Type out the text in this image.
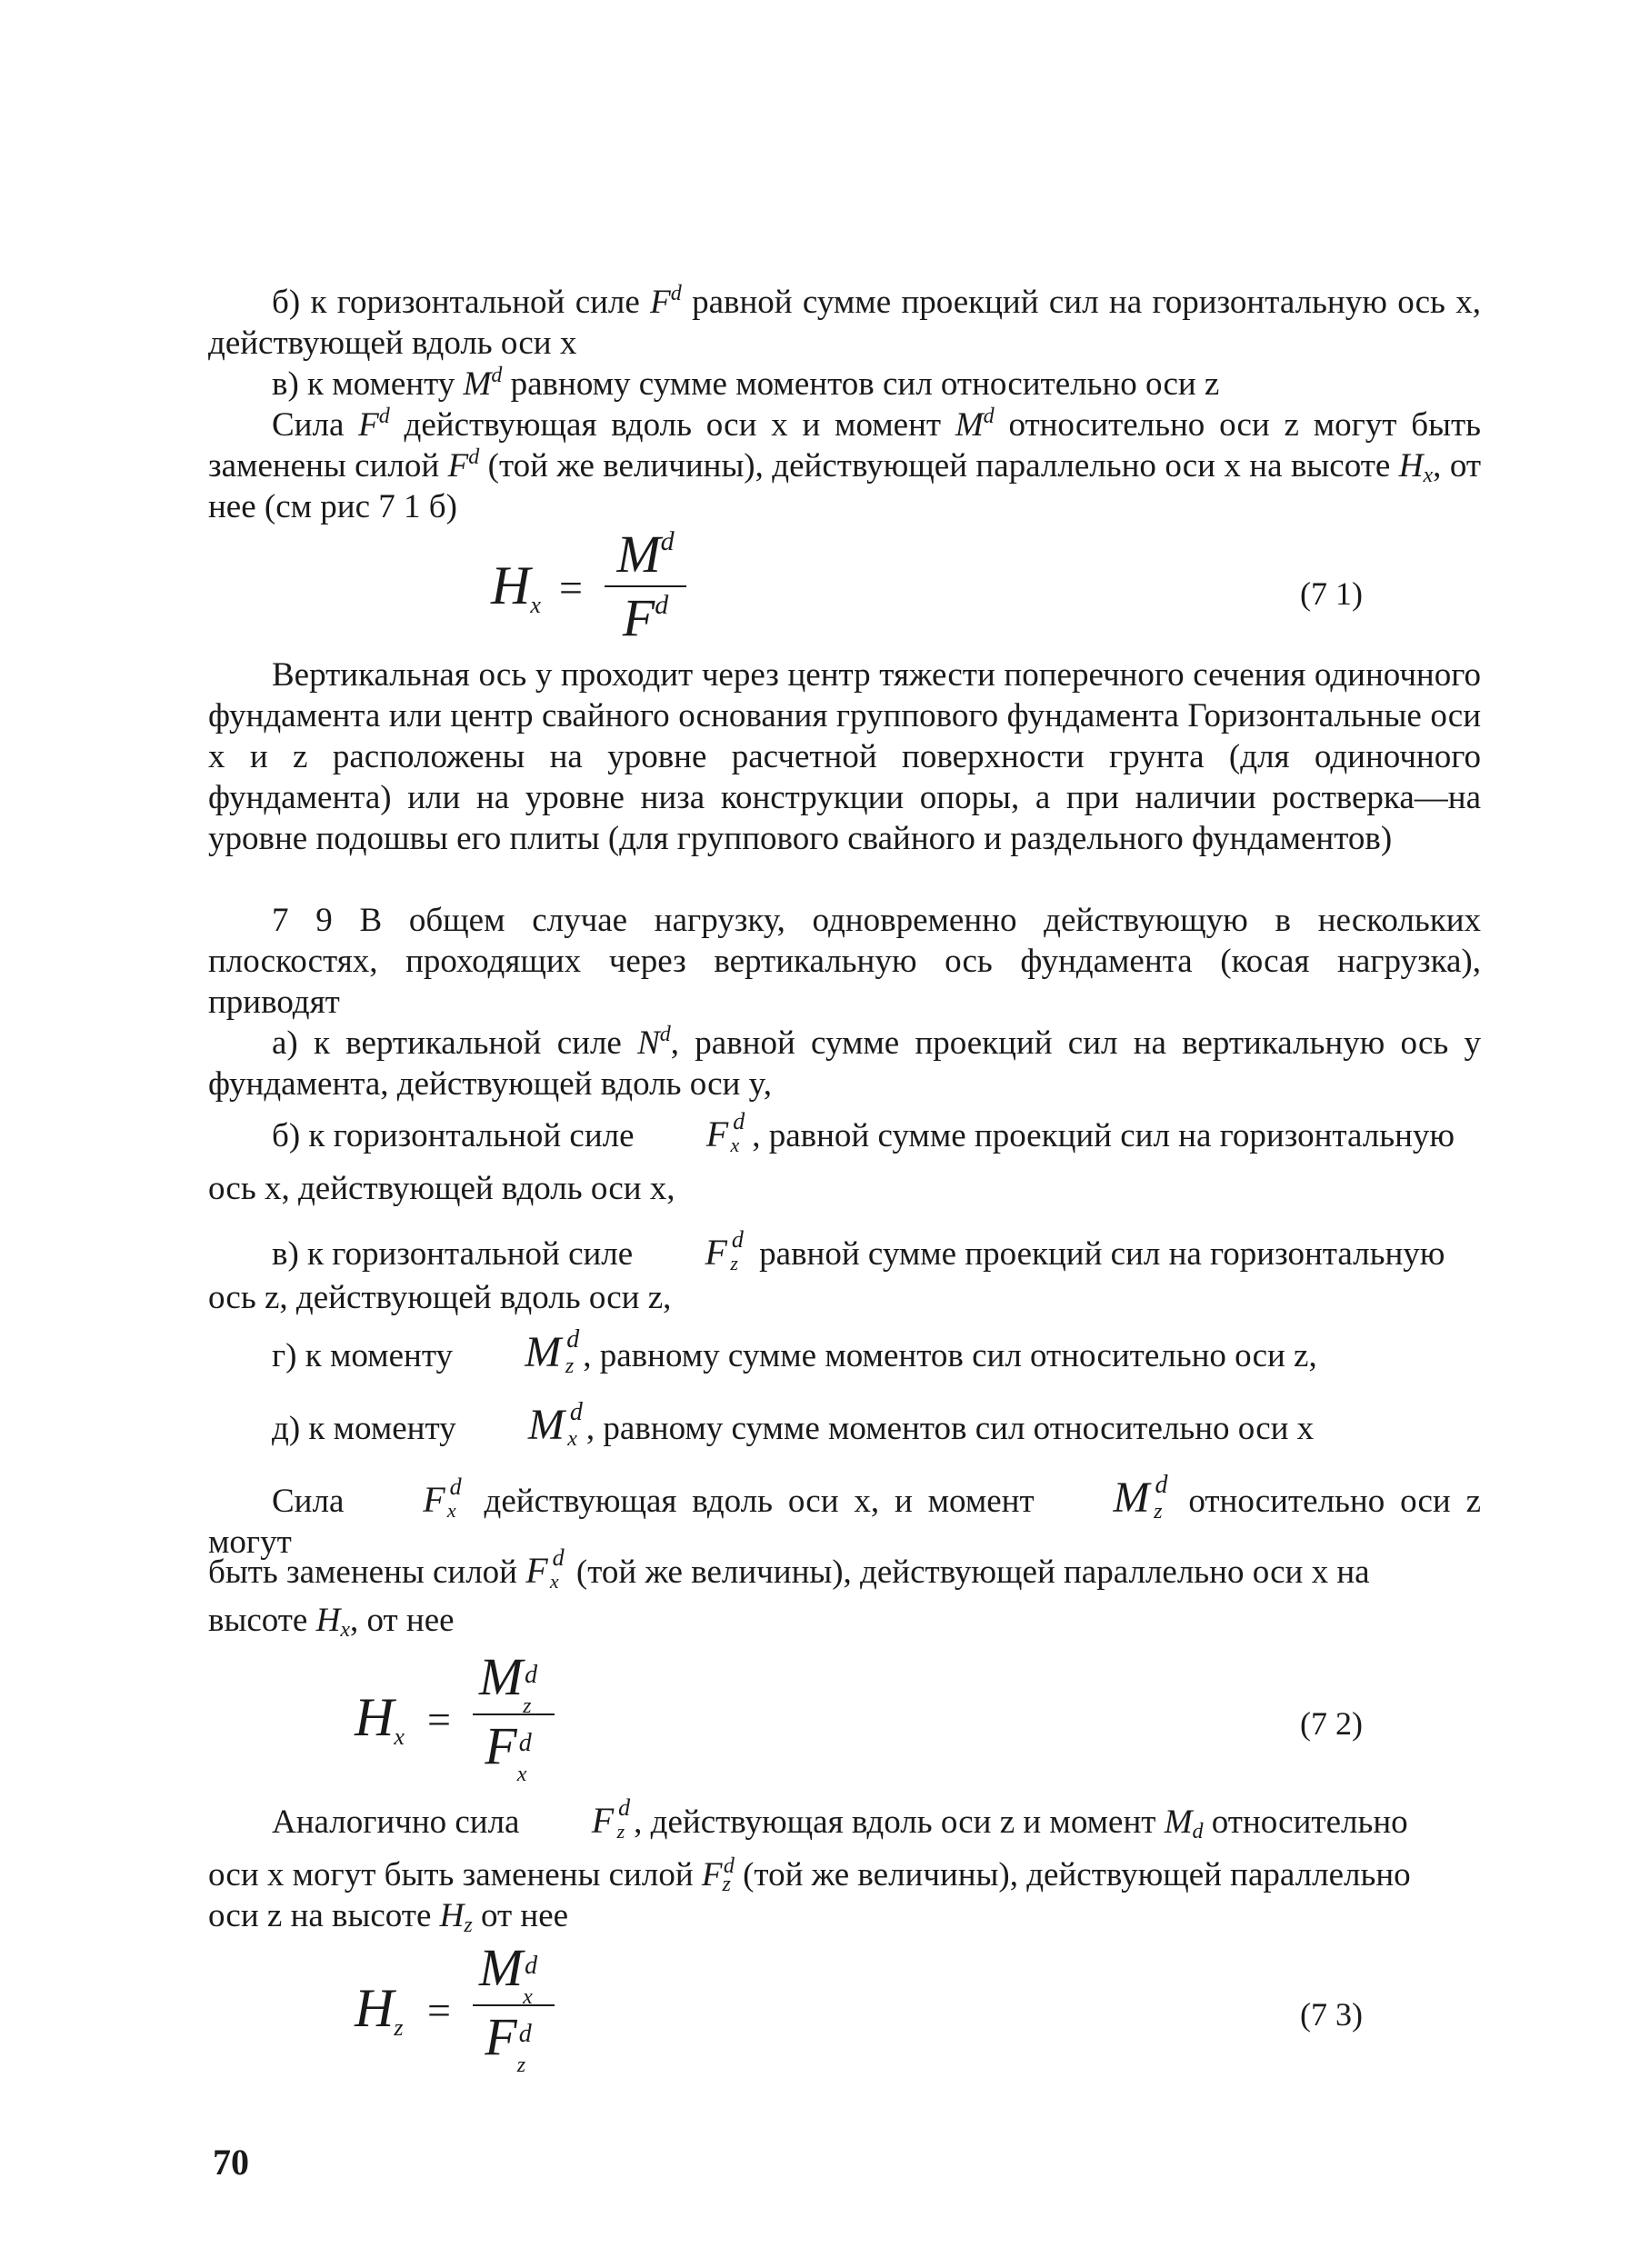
б) к горизонтальной силе $F^d$ равной сумме проекций сил на горизонтальную ось x, действующей вдоль оси x

в) к моменту $M^d$ равному сумме моментов сил относительно оси z

Сила $F^d$ действующая вдоль оси x и момент $M^d$ относительно оси z могут быть заменены силой $F^d$ (той же величины), действующей параллельно оси x на высоте $H_x$, от нее (см рис 7 1 б)

$H_x$ =
$M^d$
$F^d$	(7 1)

Вертикальная ось y проходит через центр тяжести поперечного сечения одиночного фундамента или центр свайного основания группового фундамента Горизонтальные оси x и z расположены на уровне расчетной поверхности грунта (для одиночного фундамента) или на уровне низа конструкции опоры, а при наличии ростверка—на уровне подошвы его плиты (для группового свайного и раздельного фундаментов)

7 9 В общем случае нагрузку, одновременно действующую в нескольких плоскостях, проходящих через вертикальную ось фундамента (косая нагрузка), приводят

а) к вертикальной силе $N^d$, равной сумме проекций сил на вертикальную ось y фундамента, действующей вдоль оси y,

б) к горизонтальной силе F d
x , равной сумме проекций сил на горизонтальную
ось x, действующей вдоль оси x,
в) к горизонтальной силе F d
z равной сумме проекций сил на горизонтальную
ось z, действующей вдоль оси z,
г) к моменту M d
z , равному сумме моментов сил относительно оси z,
д) к моменту M d
x , равному сумме моментов сил относительно оси x
Сила F d
x действующая вдоль оси x, и момент M d
z относительно оси z могут
быть заменены силой F d
x (той же величины), действующей параллельно оси x на
высоте $H_x$, от нее
$H_x$ =
M d
z
F d
x
(7 2)
Аналогично сила F d
z , действующая вдоль оси z и момент $M_d$ относительно
оси x могут быть заменены силой $F_z^d$ (той же величины), действующей параллельно
оси z на высоте $H_z$ от нее
$H_z$ =
M d
x
F d
z
(7 3)
70
